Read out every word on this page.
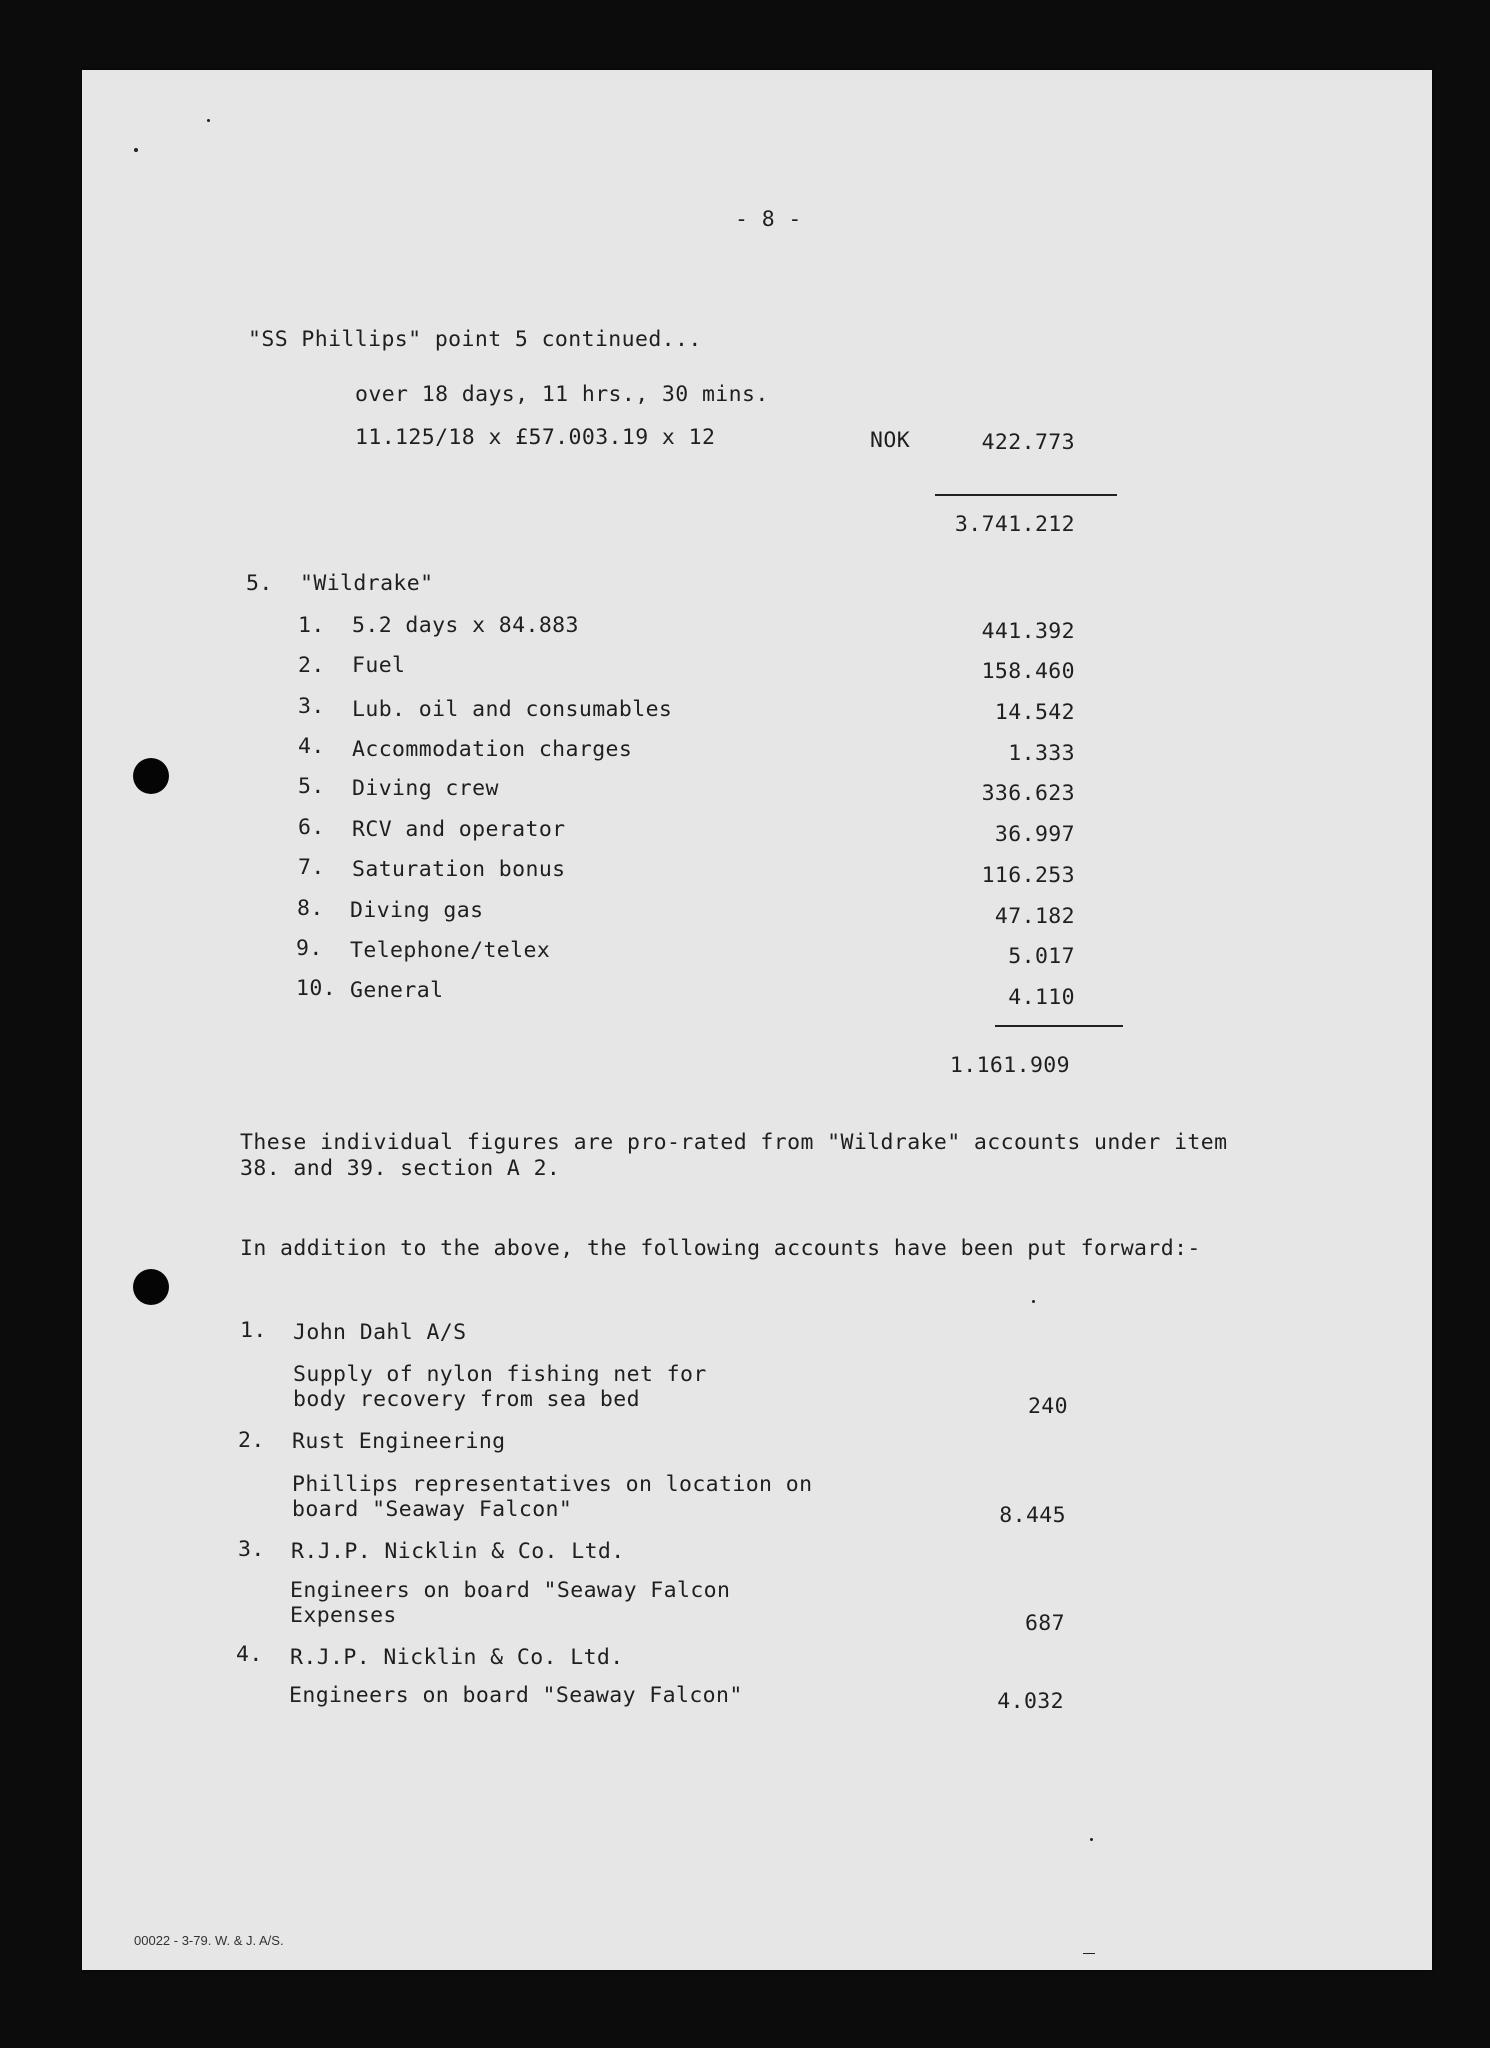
- 8 -
"SS Phillips" point 5 continued...
over 18 days, 11 hrs., 30 mins.
11.125/18 x £57.003.19 x 12	NOK	422.773
3.741.212
5. "Wildrake"
1. 5.2 days x 84.883	441.392
2. Fuel	158.460
3. Lub. oil and consumables	14.542
4. Accommodation charges	1.333
5. Diving crew	336.623
6. RCV and operator	36.997
7. Saturation bonus	116.253
8. Diving gas	47.182
9. Telephone/telex	5.017
10. General	4.110
1.161.909
These individual figures are pro-rated from "Wildrake" accounts under item
38. and 39. section A 2.
In addition to the above, the following accounts have been put forward:-
1. John Dahl A/S
Supply of nylon fishing net for
body recovery from sea bed	240
2. Rust Engineering
Phillips representatives on location on
board "Seaway Falcon"	8.445
3. R.J.P. Nicklin & Co. Ltd.
Engineers on board "Seaway Falcon
Expenses	687
4. R.J.P. Nicklin & Co. Ltd.
Engineers on board "Seaway Falcon"	4.032
00022 - 3-79. W. & J. A/S.
